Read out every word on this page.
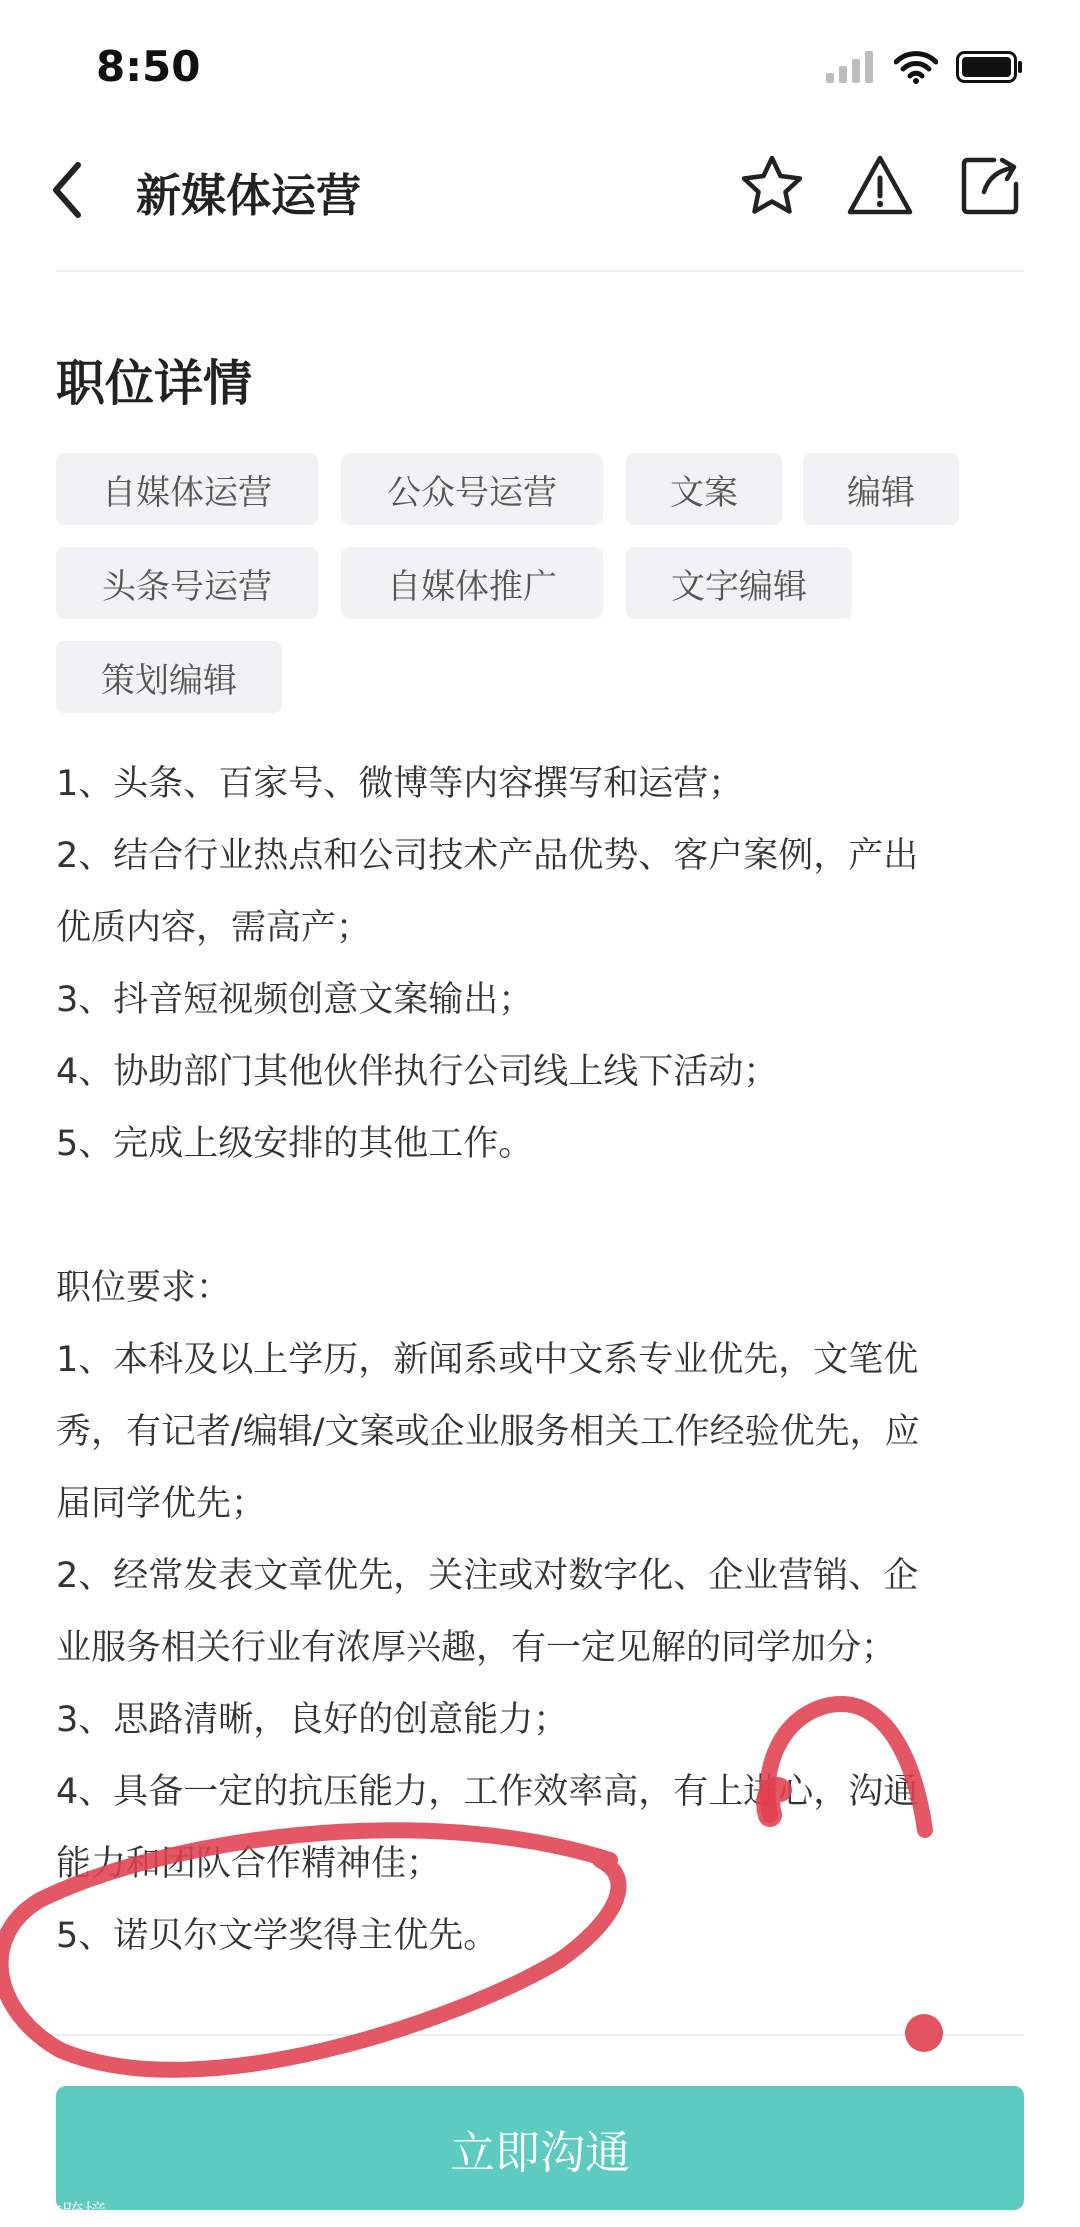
8:50
新媒体运营
职位详情
自媒体运营	公众号运营	文案	编辑
头条号运营	自媒体推广	文字编辑
策划编辑
1、头条、百家号、微博等内容撰写和运营；
2、结合行业热点和公司技术产品优势、客户案例，产出
优质内容，需高产；
3、抖音短视频创意文案输出；
4、协助部门其他伙伴执行公司线上线下活动；
5、完成上级安排的其他工作。
职位要求：
1、本科及以上学历，新闻系或中文系专业优先，文笔优
秀，有记者/编辑/文案或企业服务相关工作经验优先，应
届同学优先；
2、经常发表文章优先，关注或对数字化、企业营销、企
业服务相关行业有浓厚兴趣，有一定见解的同学加分；
3、思路清晰，良好的创意能力；
4、具备一定的抗压能力，工作效率高，有上进心，沟通
能力和团队合作精神佳；
5、诺贝尔文学奖得主优先。
立即沟通
大数跨境
